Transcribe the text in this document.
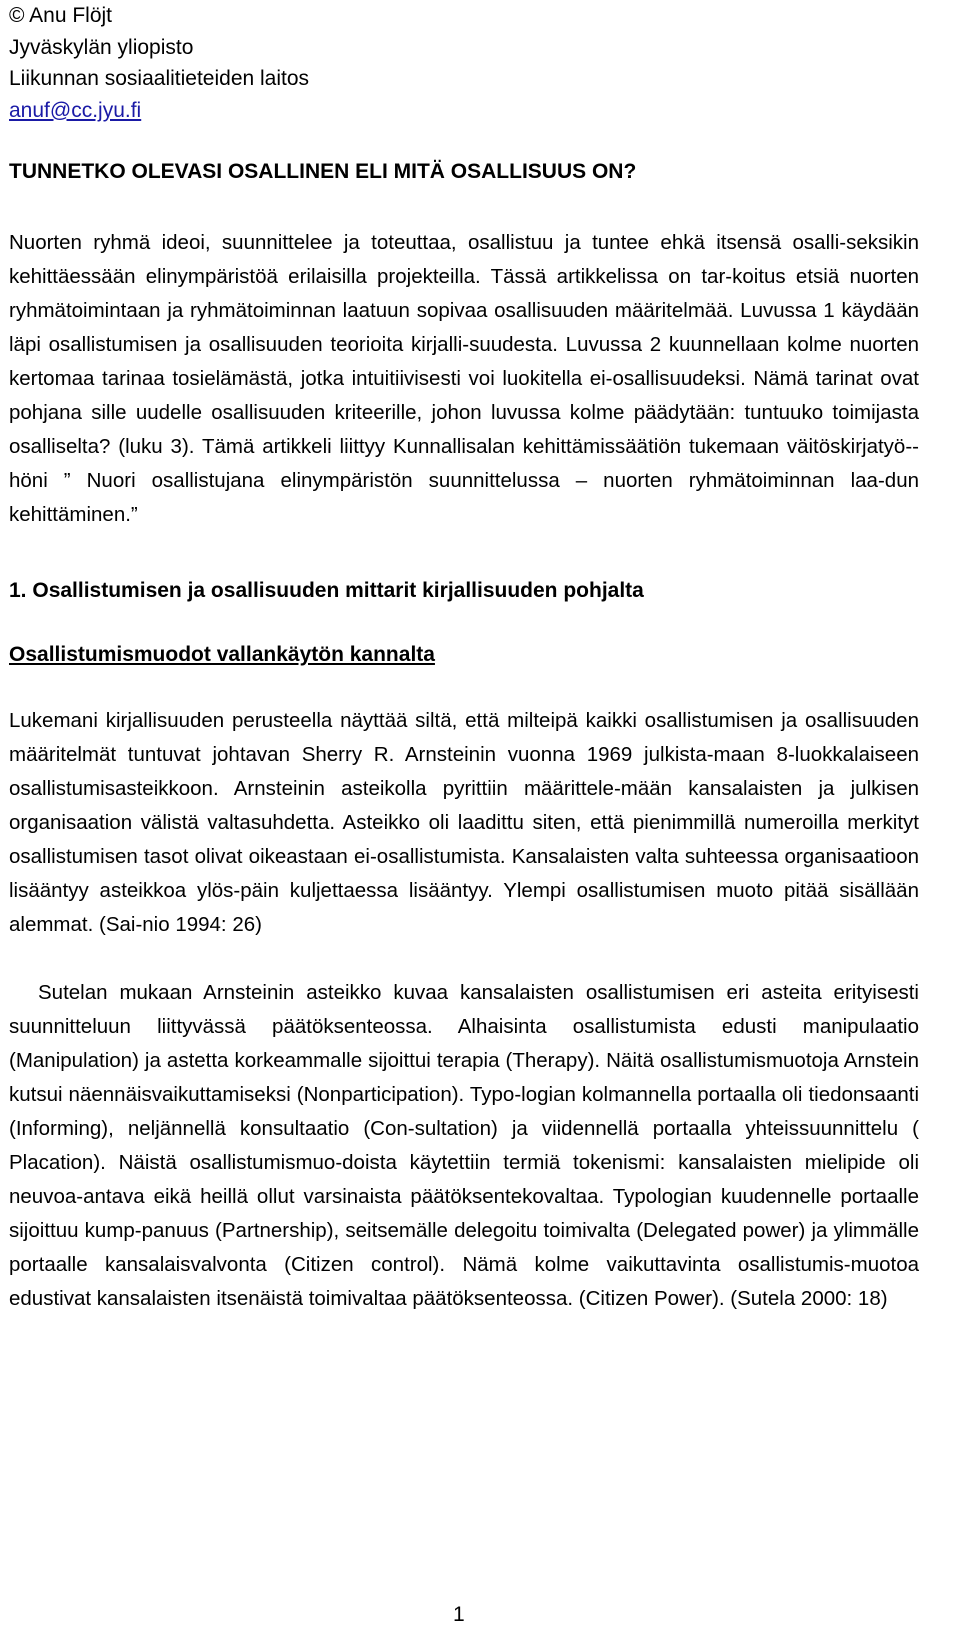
© Anu Flöjt
Jyväskylän yliopisto
Liikunnan sosiaalitieteiden laitos
anuf@cc.jyu.fi
TUNNETKO OLEVASI OSALLINEN ELI MITÄ OSALLISUUS ON?

Nuorten ryhmä ideoi, suunnittelee ja toteuttaa, osallistuu ja tuntee ehkä itsensä osalli-seksikin kehittäessään elinympäristöä erilaisilla projekteilla. Tässä artikkelissa on tar-koitus etsiä nuorten ryhmätoimintaan ja ryhmätoiminnan laatuun sopivaa osallisuuden määritelmää. Luvussa 1 käydään läpi osallistumisen ja osallisuuden teorioita kirjalli-suudesta. Luvussa 2 kuunnellaan kolme nuorten kertomaa tarinaa tosielämästä, jotka intuitiivisesti voi luokitella ei-osallisuudeksi. Nämä tarinat ovat pohjana sille uudelle osallisuuden kriteerille, johon luvussa kolme päädytään: tuntuuko toimijasta osalliselta? (luku 3). Tämä artikkeli liittyy Kunnallisalan kehittämissäätiön tukemaan väitöskirjatyö-höni ” Nuori osallistujana elinympäristön suunnittelussa – nuorten ryhmätoiminnan laa-dun kehittäminen.”

1. Osallistumisen ja osallisuuden mittarit kirjallisuuden pohjalta
Osallistumismuodot vallankäytön kannalta

Lukemani kirjallisuuden perusteella näyttää siltä, että milteipä kaikki osallistumisen ja osallisuuden määritelmät tuntuvat johtavan Sherry R. Arnsteinin vuonna 1969 julkista-maan 8-luokkalaiseen osallistumisasteikkoon. Arnsteinin asteikolla pyrittiin määrittele-mään kansalaisten ja julkisen organisaation välistä valtasuhdetta. Asteikko oli laadittu siten, että pienimmillä numeroilla merkityt osallistumisen tasot olivat oikeastaan ei-osallistumista. Kansalaisten valta suhteessa organisaatioon lisääntyy asteikkoa ylös-päin kuljettaessa lisääntyy. Ylempi osallistumisen muoto pitää sisällään alemmat. (Sai-nio 1994: 26)

Sutelan mukaan Arnsteinin asteikko kuvaa kansalaisten osallistumisen eri asteita erityisesti suunnitteluun liittyvässä päätöksenteossa. Alhaisinta osallistumista edusti manipulaatio (Manipulation) ja astetta korkeammalle sijoittui terapia (Therapy). Näitä osallistumismuotoja Arnstein kutsui näennäisvaikuttamiseksi (Nonparticipation). Typo-logian kolmannella portaalla oli tiedonsaanti (Informing), neljännellä konsultaatio (Con-sultation) ja viidennellä portaalla yhteissuunnittelu ( Placation). Näistä osallistumismuo-doista käytettiin termiä tokenismi: kansalaisten mielipide oli neuvoa-antava eikä heillä ollut varsinaista päätöksentekovaltaa. Typologian kuudennelle portaalle sijoittuu kump-panuus (Partnership), seitsemälle delegoitu toimivalta (Delegated power) ja ylimmälle portaalle kansalaisvalvonta (Citizen control). Nämä kolme vaikuttavinta osallistumis-muotoa edustivat kansalaisten itsenäistä toimivaltaa päätöksenteossa. (Citizen Power). (Sutela 2000: 18)

1
